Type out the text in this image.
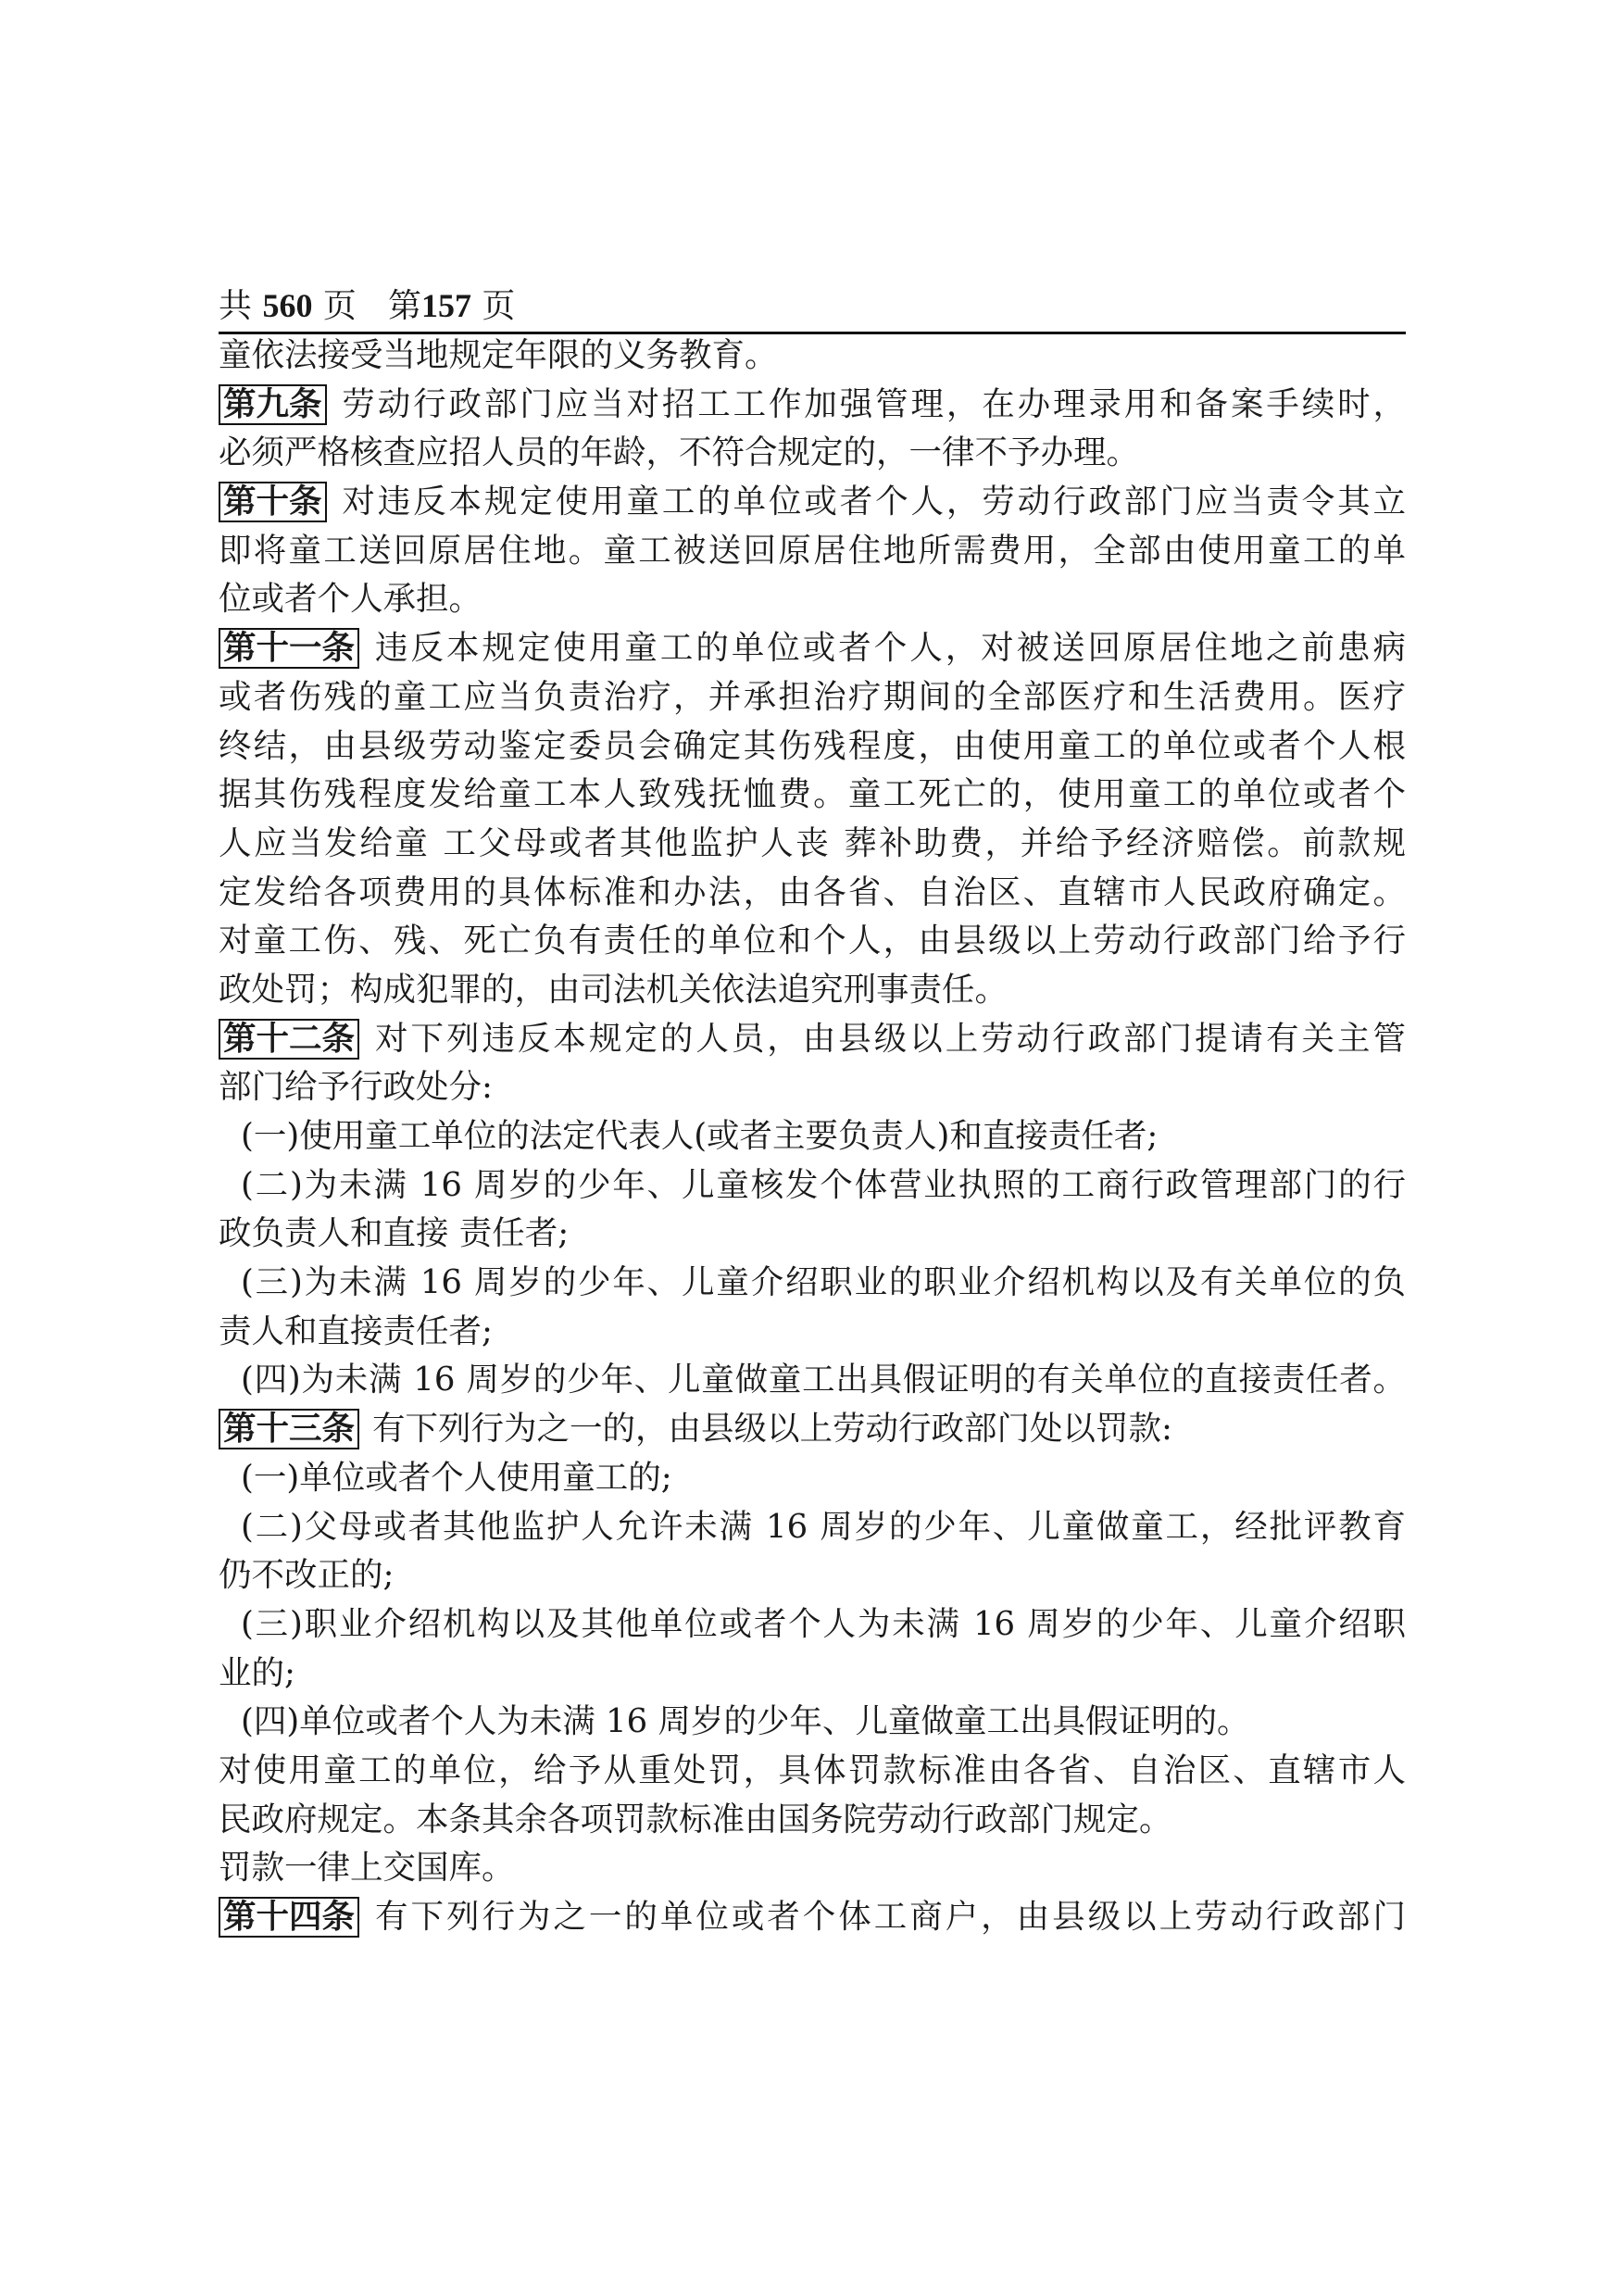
共 560 页 第157 页
童依法接受当地规定年限的义务教育。
第九条 劳动行政部门应当对招工工作加强管理，在办理录用和备案手续时，
必须严格核查应招人员的年龄，不符合规定的，一律不予办理。
第十条 对违反本规定使用童工的单位或者个人，劳动行政部门应当责令其立
即将童工送回原居住地。童工被送回原居住地所需费用，全部由使用童工的单
位或者个人承担。
第十一条 违反本规定使用童工的单位或者个人，对被送回原居住地之前患病
或者伤残的童工应当负责治疗，并承担治疗期间的全部医疗和生活费用。医疗
终结，由县级劳动鉴定委员会确定其伤残程度，由使用童工的单位或者个人根
据其伤残程度发给童工本人致残抚恤费。童工死亡的，使用童工的单位或者个
人应当发给童 工父母或者其他监护人丧 葬补助费，并给予经济赔偿。前款规
定发给各项费用的具体标准和办法，由各省、自治区、直辖市人民政府确定。
对童工伤、残、死亡负有责任的单位和个人，由县级以上劳动行政部门给予行
政处罚；构成犯罪的，由司法机关依法追究刑事责任。
第十二条 对下列违反本规定的人员，由县级以上劳动行政部门提请有关主管
部门给予行政处分:
(一)使用童工单位的法定代表人(或者主要负责人)和直接责任者;
(二)为未满 16 周岁的少年、儿童核发个体营业执照的工商行政管理部门的行
政负责人和直接 责任者;
(三)为未满 16 周岁的少年、儿童介绍职业的职业介绍机构以及有关单位的负
责人和直接责任者;
(四)为未满 16 周岁的少年、儿童做童工出具假证明的有关单位的直接责任者。
第十三条 有下列行为之一的，由县级以上劳动行政部门处以罚款:
(一)单位或者个人使用童工的;
(二)父母或者其他监护人允许未满 16 周岁的少年、儿童做童工，经批评教育
仍不改正的;
(三)职业介绍机构以及其他单位或者个人为未满 16 周岁的少年、儿童介绍职
业的;
(四)单位或者个人为未满 16 周岁的少年、儿童做童工出具假证明的。
对使用童工的单位，给予从重处罚，具体罚款标准由各省、自治区、直辖市人
民政府规定。本条其余各项罚款标准由国务院劳动行政部门规定。
罚款一律上交国库。
第十四条 有下列行为之一的单位或者个体工商户，由县级以上劳动行政部门
